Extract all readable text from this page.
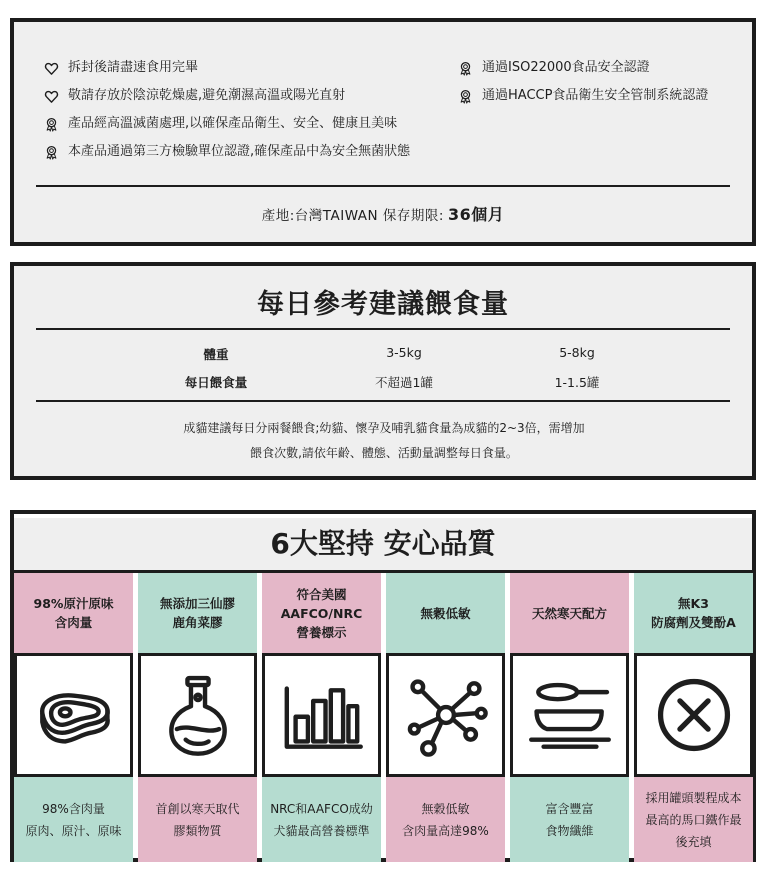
拆封後請盡速食用完畢
敬請存放於陰涼乾燥處,避免潮濕高溫或陽光直射
產品經高溫滅菌處理,以確保產品衛生、安全、健康且美味
本產品通過第三方檢驗單位認證,確保產品中為安全無菌狀態
通過ISO22000食品安全認證
通過HACCP食品衛生安全管制系統認證
產地:台灣TAIWAN 保存期限: 36個月
每日參考建議餵食量
體重	3-5kg	5-8kg
每日餵食量	不超過1罐	1-1.5罐
成貓建議每日分兩餐餵食;幼貓、懷孕及哺乳貓食量為成貓的2~3倍，需增加
餵食次數,請依年齡、體態、活動量調整每日食量。
6大堅持 安心品質
98%原汁原味
含肉量
無添加三仙膠
鹿角菜膠
符合美國
AAFCO/NRC
營養標示
無穀低敏	天然寒天配方
無K3
防腐劑及雙酚A
98%含肉量
原肉、原汁、原味
首創以寒天取代
膠類物質
NRC和AAFCO成幼
犬貓最高營養標準
無穀低敏
含肉量高達98%
富含豐富
食物纖維
採用罐頭製程成本
最高的馬口鐵作最
後充填
